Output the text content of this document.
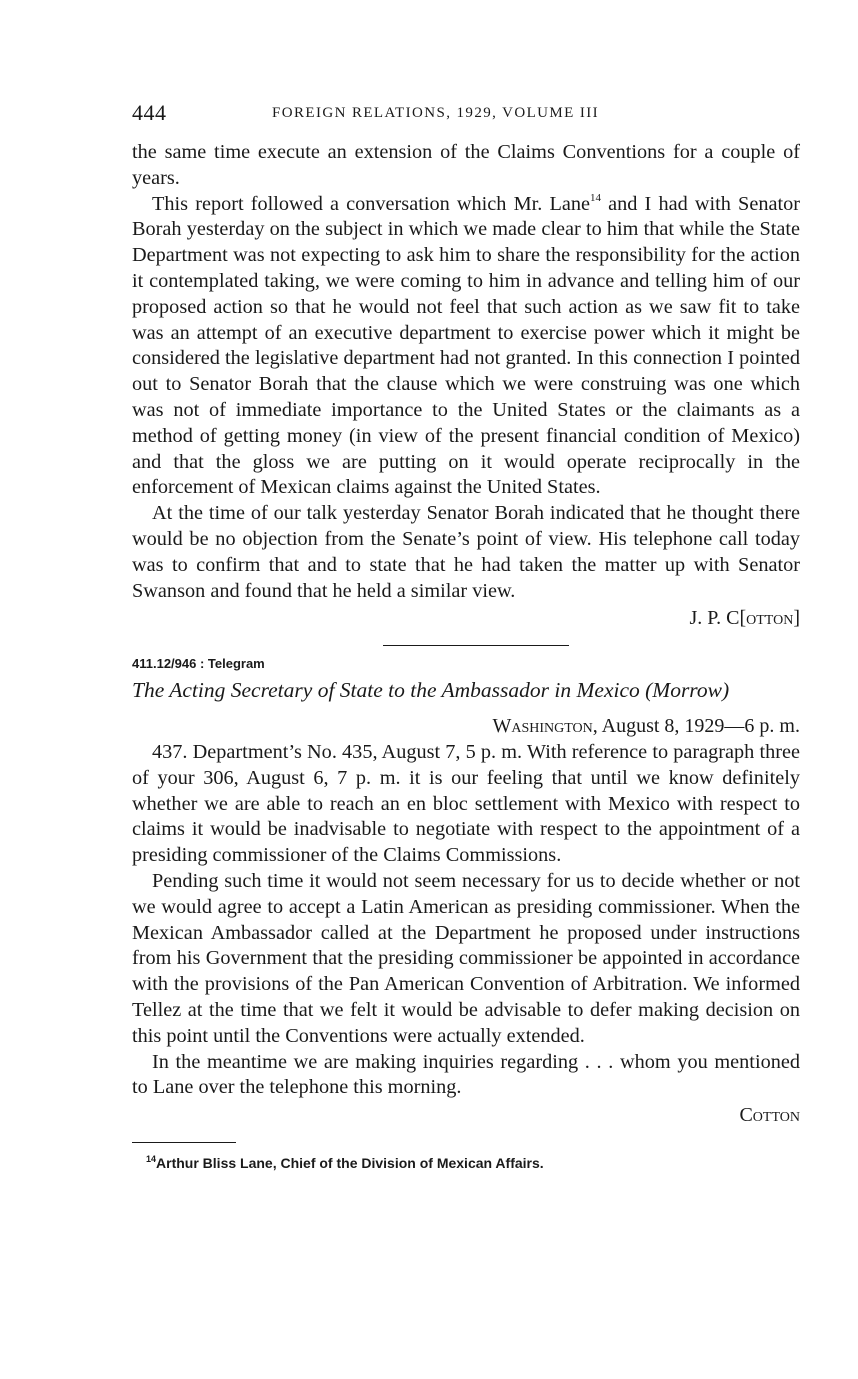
444	FOREIGN RELATIONS, 1929, VOLUME III

the same time execute an extension of the Claims Conventions for a couple of years.

This report followed a conversation which Mr. Lane$^{14}$ and I had with Senator Borah yesterday on the subject in which we made clear to him that while the State Department was not expecting to ask him to share the responsibility for the action it contemplated taking, we were coming to him in advance and telling him of our proposed action so that he would not feel that such action as we saw fit to take was an attempt of an executive department to exercise power which it might be considered the legislative department had not granted. In this connection I pointed out to Senator Borah that the clause which we were construing was one which was not of immediate importance to the United States or the claimants as a method of getting money (in view of the present financial condition of Mexico) and that the gloss we are putting on it would operate reciprocally in the enforcement of Mexican claims against the United States.

At the time of our talk yesterday Senator Borah indicated that he thought there would be no objection from the Senate’s point of view. His telephone call today was to confirm that and to state that he had taken the matter up with Senator Swanson and found that he held a similar view.

J. P. C[otton]
411.12/946 : Telegram
The Acting Secretary of State to the Ambassador in Mexico (Morrow)
Washington, August 8, 1929—6 p. m.

437. Department’s No. 435, August 7, 5 p. m. With reference to paragraph three of your 306, August 6, 7 p. m. it is our feeling that until we know definitely whether we are able to reach an en bloc settlement with Mexico with respect to claims it would be inadvisable to negotiate with respect to the appointment of a presiding commissioner of the Claims Commissions.

Pending such time it would not seem necessary for us to decide whether or not we would agree to accept a Latin American as presiding commissioner. When the Mexican Ambassador called at the Department he proposed under instructions from his Government that the presiding commissioner be appointed in accordance with the provisions of the Pan American Convention of Arbitration. We informed Tellez at the time that we felt it would be advisable to defer making decision on this point until the Conventions were actually extended.

In the meantime we are making inquiries regarding . . . whom you mentioned to Lane over the telephone this morning.

Cotton
$^{14}$Arthur Bliss Lane, Chief of the Division of Mexican Affairs.
